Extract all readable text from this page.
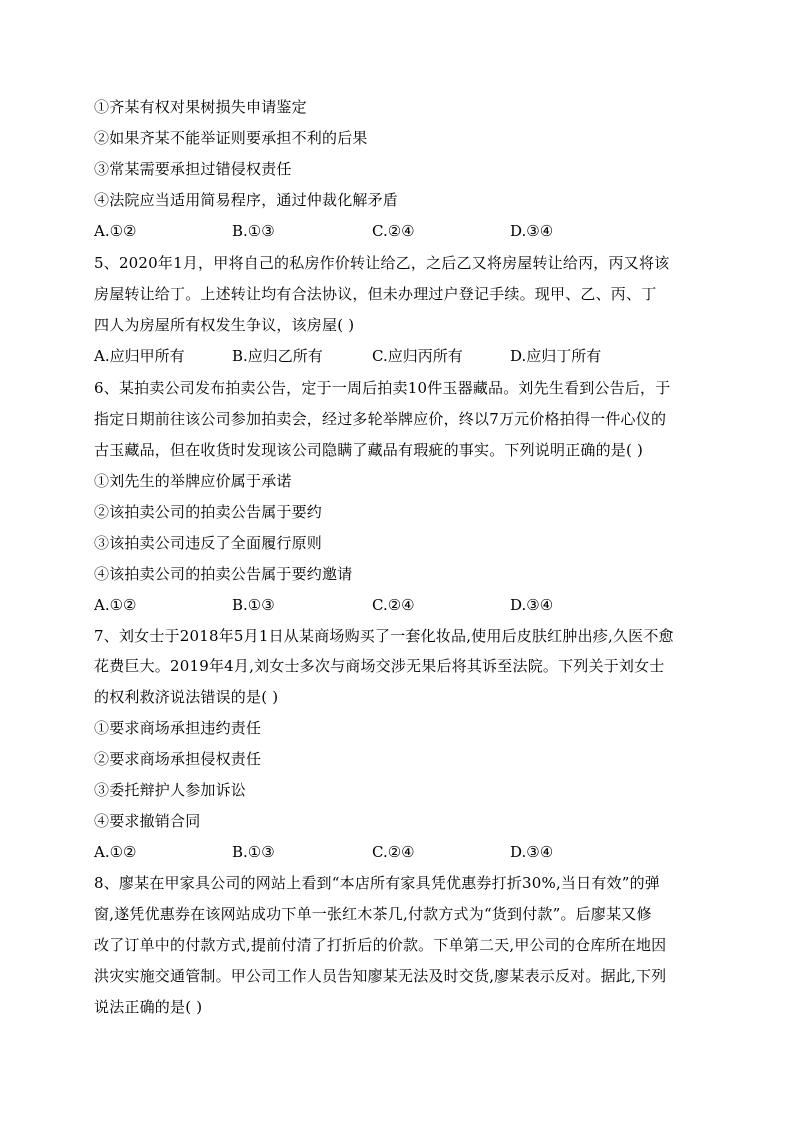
①齐某有权对果树损失申请鉴定
②如果齐某不能举证则要承担不利的后果
③常某需要承担过错侵权责任
④法院应当适用简易程序，通过仲裁化解矛盾
A.①②	B.①③	C.②④	D.③④
5、2020年1月，甲将自己的私房作价转让给乙，之后乙又将房屋转让给丙，丙又将该
房屋转让给丁。上述转让均有合法协议，但未办理过户登记手续。现甲、乙、丙、丁
四人为房屋所有权发生争议，该房屋( )
A.应归甲所有	B.应归乙所有	C.应归丙所有	D.应归丁所有
6、某拍卖公司发布拍卖公告，定于一周后拍卖10件玉器藏品。刘先生看到公告后，于
指定日期前往该公司参加拍卖会，经过多轮举牌应价，终以7万元价格拍得一件心仪的
古玉藏品，但在收货时发现该公司隐瞒了藏品有瑕疵的事实。下列说明正确的是( )
①刘先生的举牌应价属于承诺
②该拍卖公司的拍卖公告属于要约
③该拍卖公司违反了全面履行原则
④该拍卖公司的拍卖公告属于要约邀请
A.①②	B.①③	C.②④	D.③④
7、刘女士于2018年5月1日从某商场购买了一套化妆品,使用后皮肤红肿出疹,久医不愈
花费巨大。2019年4月,刘女士多次与商场交涉无果后将其诉至法院。下列关于刘女士
的权利救济说法错误的是( )
①要求商场承担违约责任
②要求商场承担侵权责任
③委托辩护人参加诉讼
④要求撤销合同
A.①②	B.①③	C.②④	D.③④
8、廖某在甲家具公司的网站上看到“本店所有家具凭优惠券打折30%,当日有效”的弹
窗,遂凭优惠券在该网站成功下单一张红木茶几,付款方式为“货到付款”。后廖某又修
改了订单中的付款方式,提前付清了打折后的价款。下单第二天,甲公司的仓库所在地因
洪灾实施交通管制。甲公司工作人员告知廖某无法及时交货,廖某表示反对。据此,下列
说法正确的是( )
